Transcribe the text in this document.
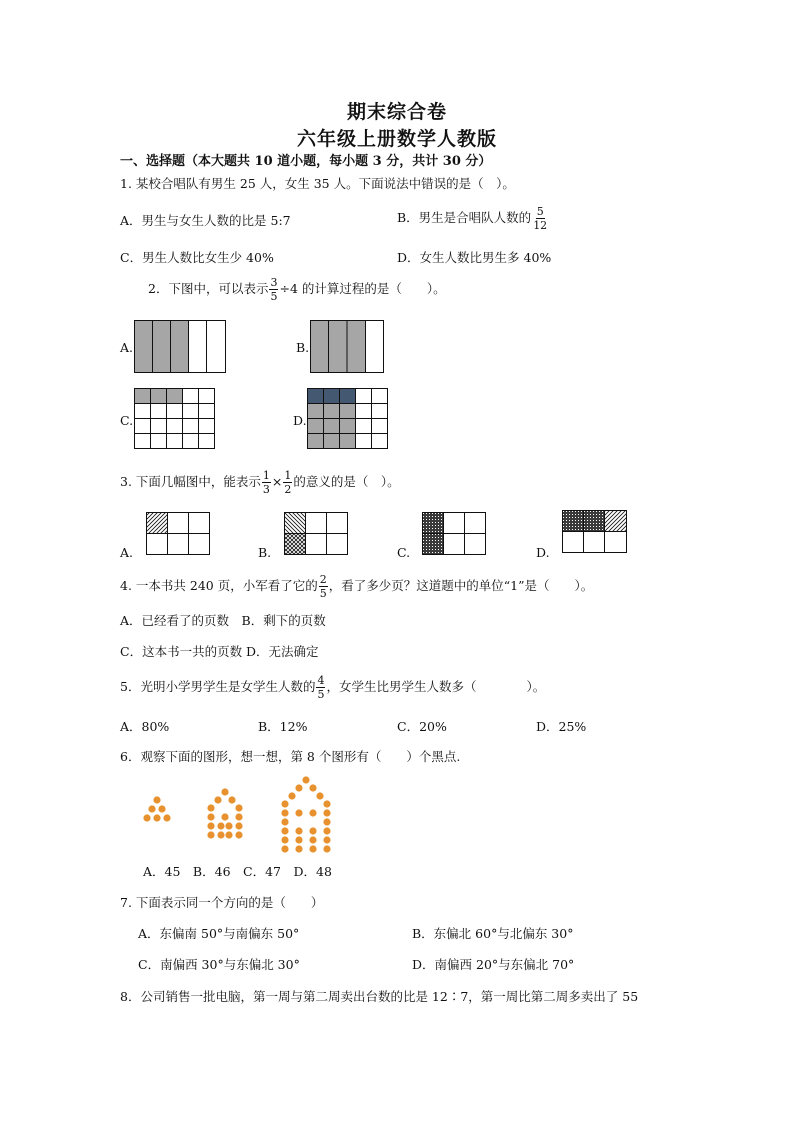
期末综合卷
六年级上册数学人教版
一、选择题（本大题共 10 道小题，每小题 3 分，共计 30 分）
1. 某校合唱队有男生 25 人，女生 35 人。下面说法中错误的是（　）。
A．男生与女生人数的比是 5:7	B．男生是合唱队人数的 $\frac{5}{12}$
C．男生人数比女生少 40%	D．女生人数比男生多 40%
2．下图中，可以表示 $\frac{3}{5} \div 4$ 的计算过程的是（　　）。
A.	B.
C.	D.
3. 下面几幅图中，能表示 $\frac{1}{3} \times \frac{1}{2}$ 的意义的是（　）。
A.	B.	C.	D.
4. 一本书共 240 页，小军看了它的 $\frac{2}{5}$ ，看了多少页？这道题中的单位“1”是（　　）。
A．已经看了的页数　B．剩下的页数
C．这本书一共的页数 D．无法确定
5．光明小学男学生是女学生人数的 $\frac{4}{5}$ ，女学生比男学生人数多（　　　　）。
A．80%	B．12%	C．20%	D．25%
6．观察下面的图形，想一想，第 8 个图形有（　　）个黑点.
A．45　B．46　C．47　D．48
7. 下面表示同一个方向的是（　　）
A．东偏南 50°与南偏东 50°	B．东偏北 60°与北偏东 30°
C．南偏西 30°与东偏北 30°	D．南偏西 20°与东偏北 70°
8．公司销售一批电脑，第一周与第二周卖出台数的比是 12∶7，第一周比第二周多卖出了 55
